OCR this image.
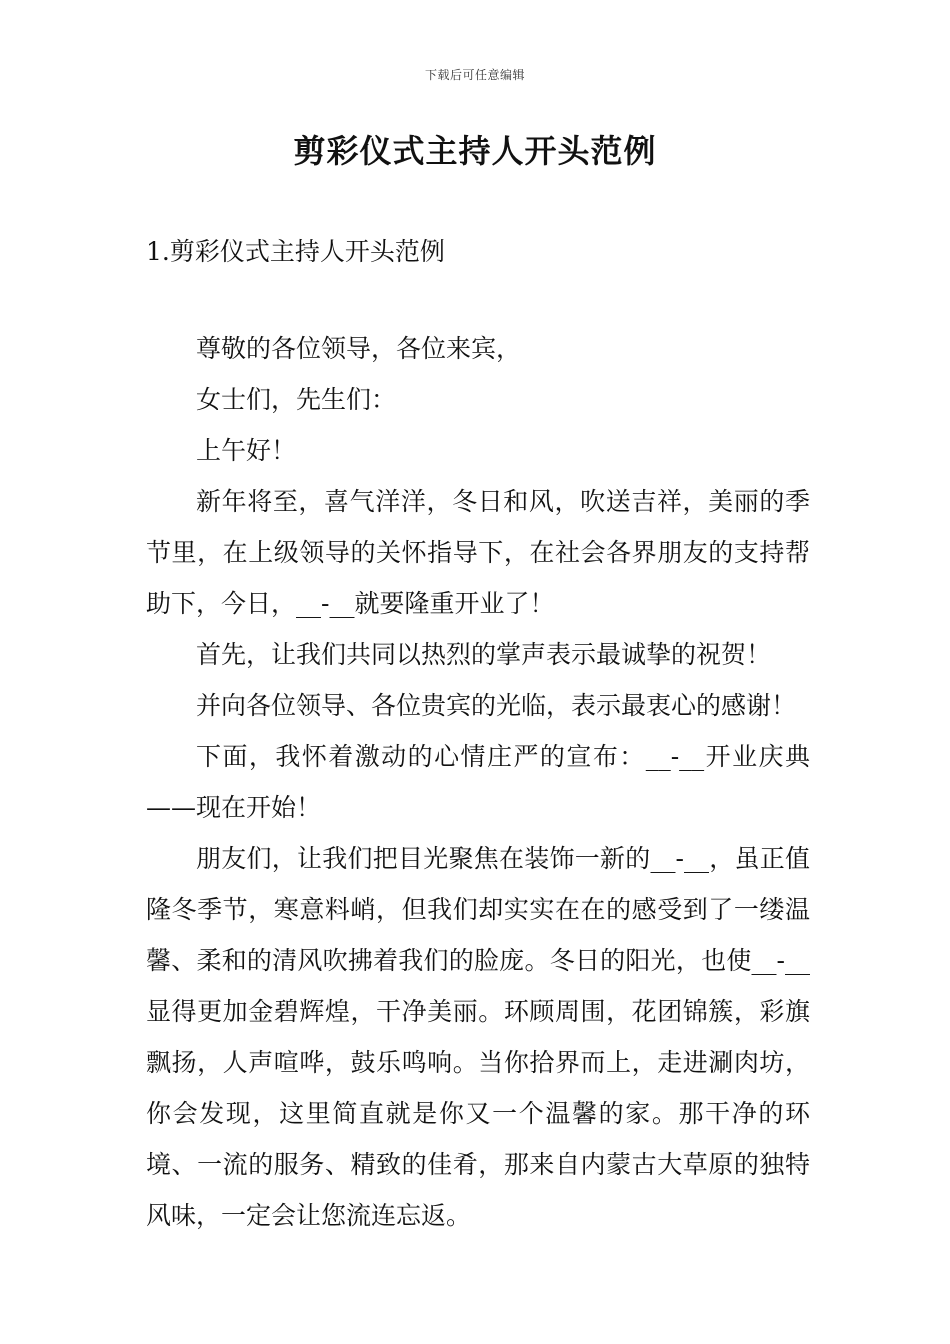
下载后可任意编辑
剪彩仪式主持人开头范例
1.剪彩仪式主持人开头范例

尊敬的各位领导，各位来宾，

女士们，先生们：

上午好！

新年将至，喜气洋洋，冬日和风，吹送吉祥，美丽的季节里，在上级领导的关怀指导下，在社会各界朋友的支持帮助下，今日，__-__就要隆重开业了！

首先，让我们共同以热烈的掌声表示最诚挚的祝贺！

并向各位领导、各位贵宾的光临，表示最衷心的感谢！

下面，我怀着激动的心情庄严的宣布：__-__开业庆典——现在开始！

朋友们，让我们把目光聚焦在装饰一新的__-__，虽正值隆冬季节，寒意料峭，但我们却实实在在的感受到了一缕温馨、柔和的清风吹拂着我们的脸庞。冬日的阳光，也使__-__显得更加金碧辉煌，干净美丽。环顾周围，花团锦簇，彩旗飘扬，人声喧哗，鼓乐鸣响。当你拾界而上，走进涮肉坊，你会发现，这里简直就是你又一个温馨的家。那干净的环境、一流的服务、精致的佳肴，那来自内蒙古大草原的独特风味，一定会让您流连忘返。
